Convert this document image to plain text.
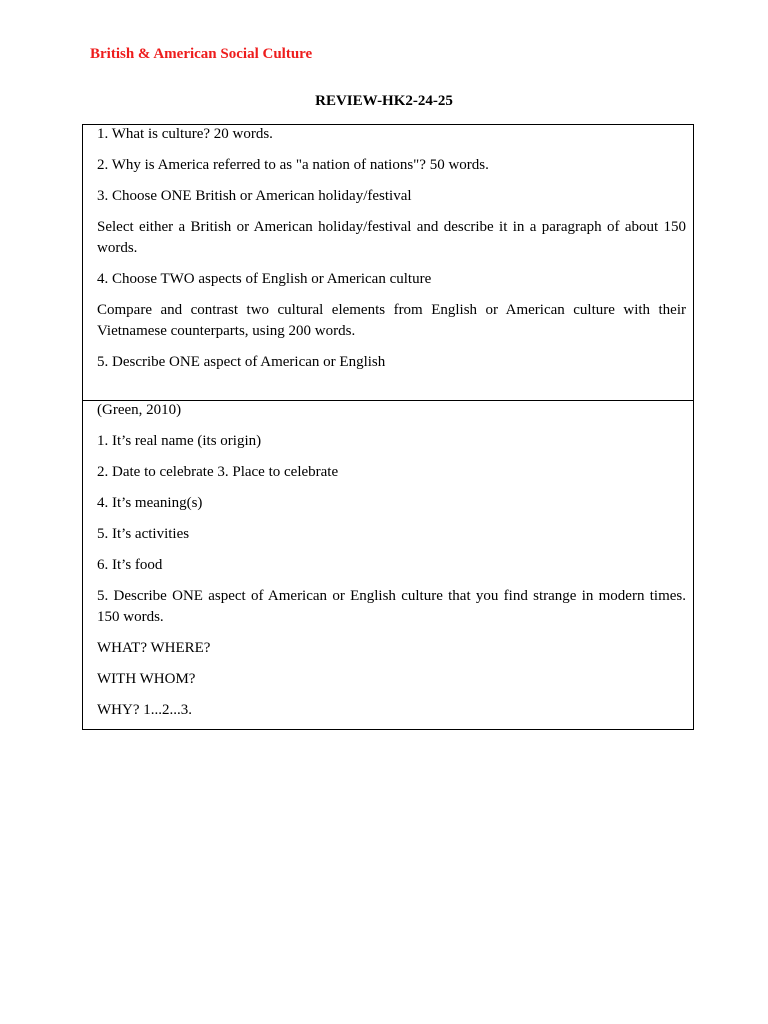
British & American Social Culture
REVIEW-HK2-24-25

1. What is culture? 20 words.

2. Why is America referred to as "a nation of nations"? 50 words.

3. Choose ONE British or American holiday/festival

Select either a British or American holiday/festival and describe it in a paragraph of about 150 words.

4. Choose TWO aspects of English or American culture

Compare and contrast two cultural elements from English or American culture with their Vietnamese counterparts, using 200 words.

5. Describe ONE aspect of American or English

(Green, 2010)

1. It’s real name (its origin)

2. Date to celebrate 3. Place to celebrate

4. It’s meaning(s)

5. It’s activities

6. It’s food

5. Describe ONE aspect of American or English culture that you find strange in modern times. 150 words.

WHAT? WHERE?

WITH WHOM?

WHY? 1...2...3.
